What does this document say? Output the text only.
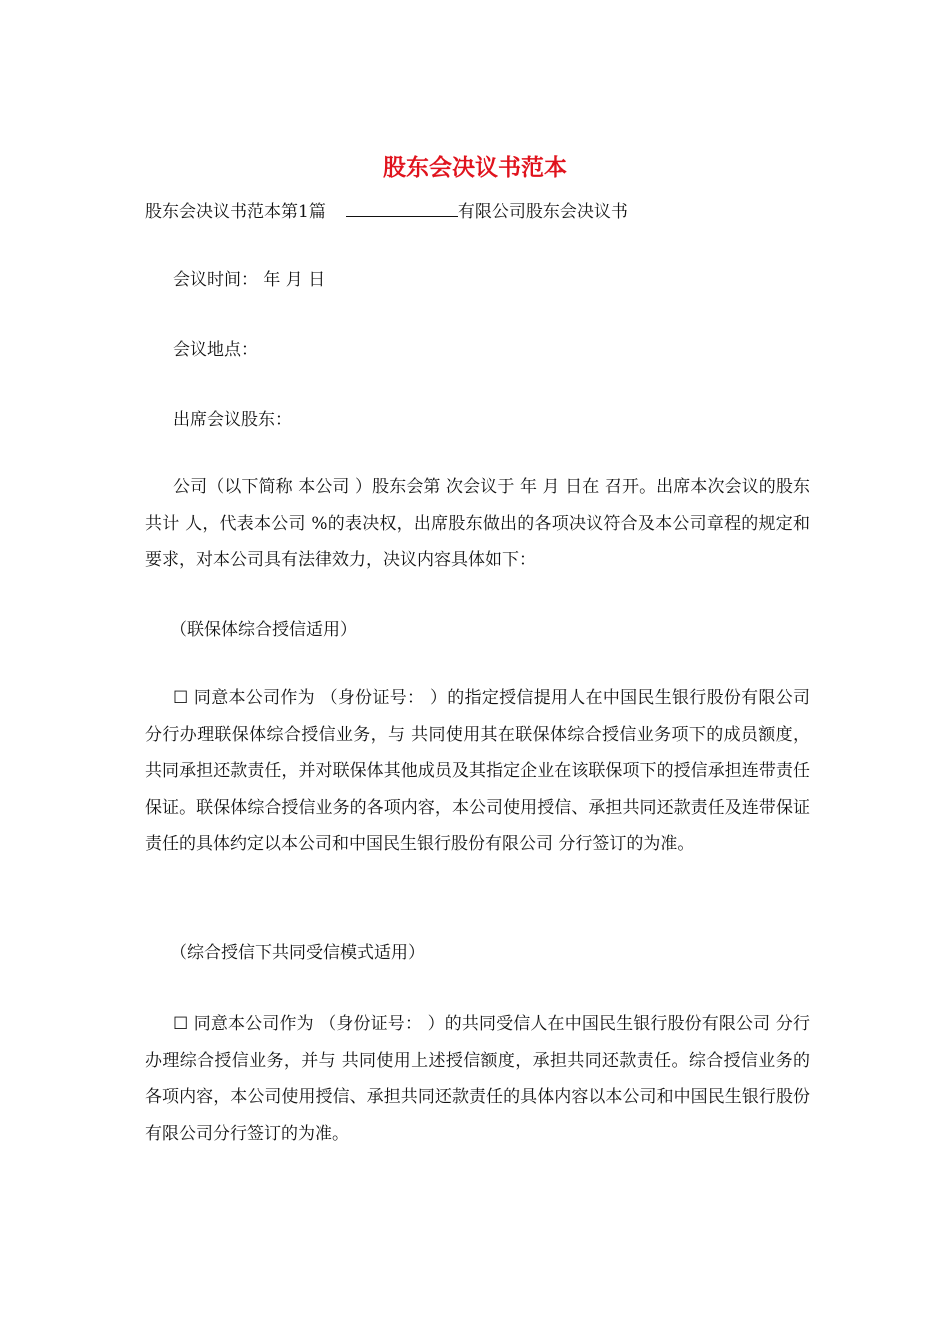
股东会决议书范本
股东会决议书范本第1篇	有限公司股东会决议书
会议时间： 年 月 日
会议地点：
出席会议股东：
公司（以下简称 本公司 ）股东会第 次会议于 年 月 日在 召开。出席本次会议的股东共计 人，代表本公司 %的表决权，出席股东做出的各项决议符合及本公司章程的规定和要求，对本公司具有法律效力，决议内容具体如下：
（联保体综合授信适用）
☐ 同意本公司作为 （身份证号： ）的指定授信提用人在中国民生银行股份有限公司 分行办理联保体综合授信业务，与 共同使用其在联保体综合授信业务项下的成员额度，共同承担还款责任，并对联保体其他成员及其指定企业在该联保项下的授信承担连带责任保证。联保体综合授信业务的各项内容，本公司使用授信、承担共同还款责任及连带保证责任的具体约定以本公司和中国民生银行股份有限公司 分行签订的为准。
（综合授信下共同受信模式适用）
☐ 同意本公司作为 （身份证号： ）的共同受信人在中国民生银行股份有限公司 分行办理综合授信业务，并与 共同使用上述授信额度，承担共同还款责任。综合授信业务的各项内容，本公司使用授信、承担共同还款责任的具体内容以本公司和中国民生银行股份有限公司分行签订的为准。
